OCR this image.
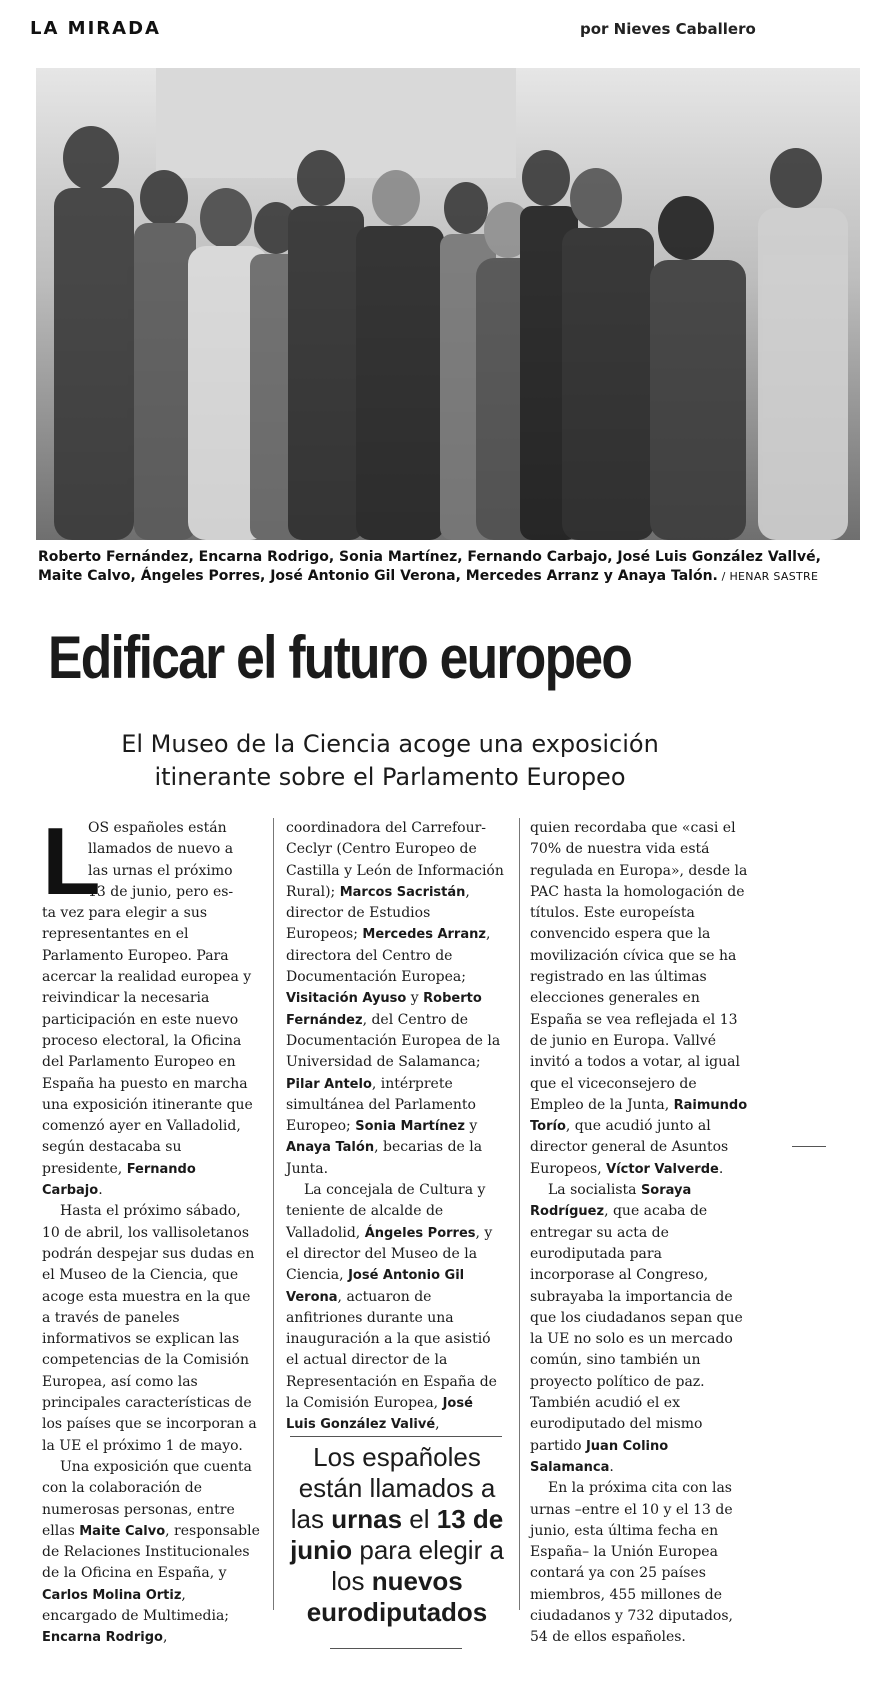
LA MIRADA	por Nieves Caballero
Roberto Fernández, Encarna Rodrigo, Sonia Martínez, Fernando Carbajo, José Luis González Vallvé, Maite Calvo, Ángeles Porres, José Antonio Gil Verona, Mercedes Arranz y Anaya Talón. / HENAR SASTRE
Edificar el futuro europeo
El Museo de la Ciencia acoge una exposición
itinerante sobre el Parlamento Europeo
L
OS españoles están
llamados de nuevo a
las urnas el próximo
13 de junio, pero es-

ta vez para elegir a sus representantes en el Parlamento Europeo. Para acercar la realidad europea y reivindicar la necesaria participación en este nuevo proceso electoral, la Oficina del Parlamento Europeo en España ha puesto en marcha una exposición itinerante que comenzó ayer en Valladolid, según destacaba su presidente, Fernando Carbajo.

Hasta el próximo sábado, 10 de abril, los vallisoletanos podrán despejar sus dudas en el Museo de la Ciencia, que acoge esta muestra en la que a través de paneles informativos se explican las competencias de la Comisión Europea, así como las principales características de los países que se incorporan a la UE el próximo 1 de mayo.

Una exposición que cuenta con la colaboración de numerosas personas, entre ellas Maite Calvo, responsable de Relaciones Institucionales de la Oficina en España, y Carlos Molina Ortiz, encargado de Multimedia; Encarna Rodrigo,

coordinadora del Carrefour-Ceclyr (Centro Europeo de Castilla y León de Información Rural); Marcos Sacristán, director de Estudios Europeos; Mercedes Arranz, directora del Centro de Documentación Europea; Visitación Ayuso y Roberto Fernández, del Centro de Documentación Europea de la Universidad de Salamanca; Pilar Antelo, intérprete simultánea del Parlamento Europeo; Sonia Martínez y Anaya Talón, becarias de la Junta.

La concejala de Cultura y teniente de alcalde de Valladolid, Ángeles Porres, y el director del Museo de la Ciencia, José Antonio Gil Verona, actuaron de anfitriones durante una inauguración a la que asistió el actual director de la Representación en España de la Comisión Europea, José Luis González Valivé,

Los españoles están llamados a las urnas el 13 de junio para elegir a los nuevos eurodiputados

quien recordaba que «casi el 70% de nuestra vida está regulada en Europa», desde la PAC hasta la homologación de títulos. Este europeísta convencido espera que la movilización cívica que se ha registrado en las últimas elecciones generales en España se vea reflejada el 13 de junio en Europa. Vallvé invitó a todos a votar, al igual que el viceconsejero de Empleo de la Junta, Raimundo Torío, que acudió junto al director general de Asuntos Europeos, Víctor Valverde.

La socialista Soraya Rodríguez, que acaba de entregar su acta de eurodiputada para incorporase al Congreso, subrayaba la importancia de que los ciudadanos sepan que la UE no solo es un mercado común, sino también un proyecto político de paz. También acudió el ex eurodiputado del mismo partido Juan Colino Salamanca.

En la próxima cita con las urnas –entre el 10 y el 13 de junio, esta última fecha en España– la Unión Europea contará ya con 25 países miembros, 455 millones de ciudadanos y 732 diputados, 54 de ellos españoles.
